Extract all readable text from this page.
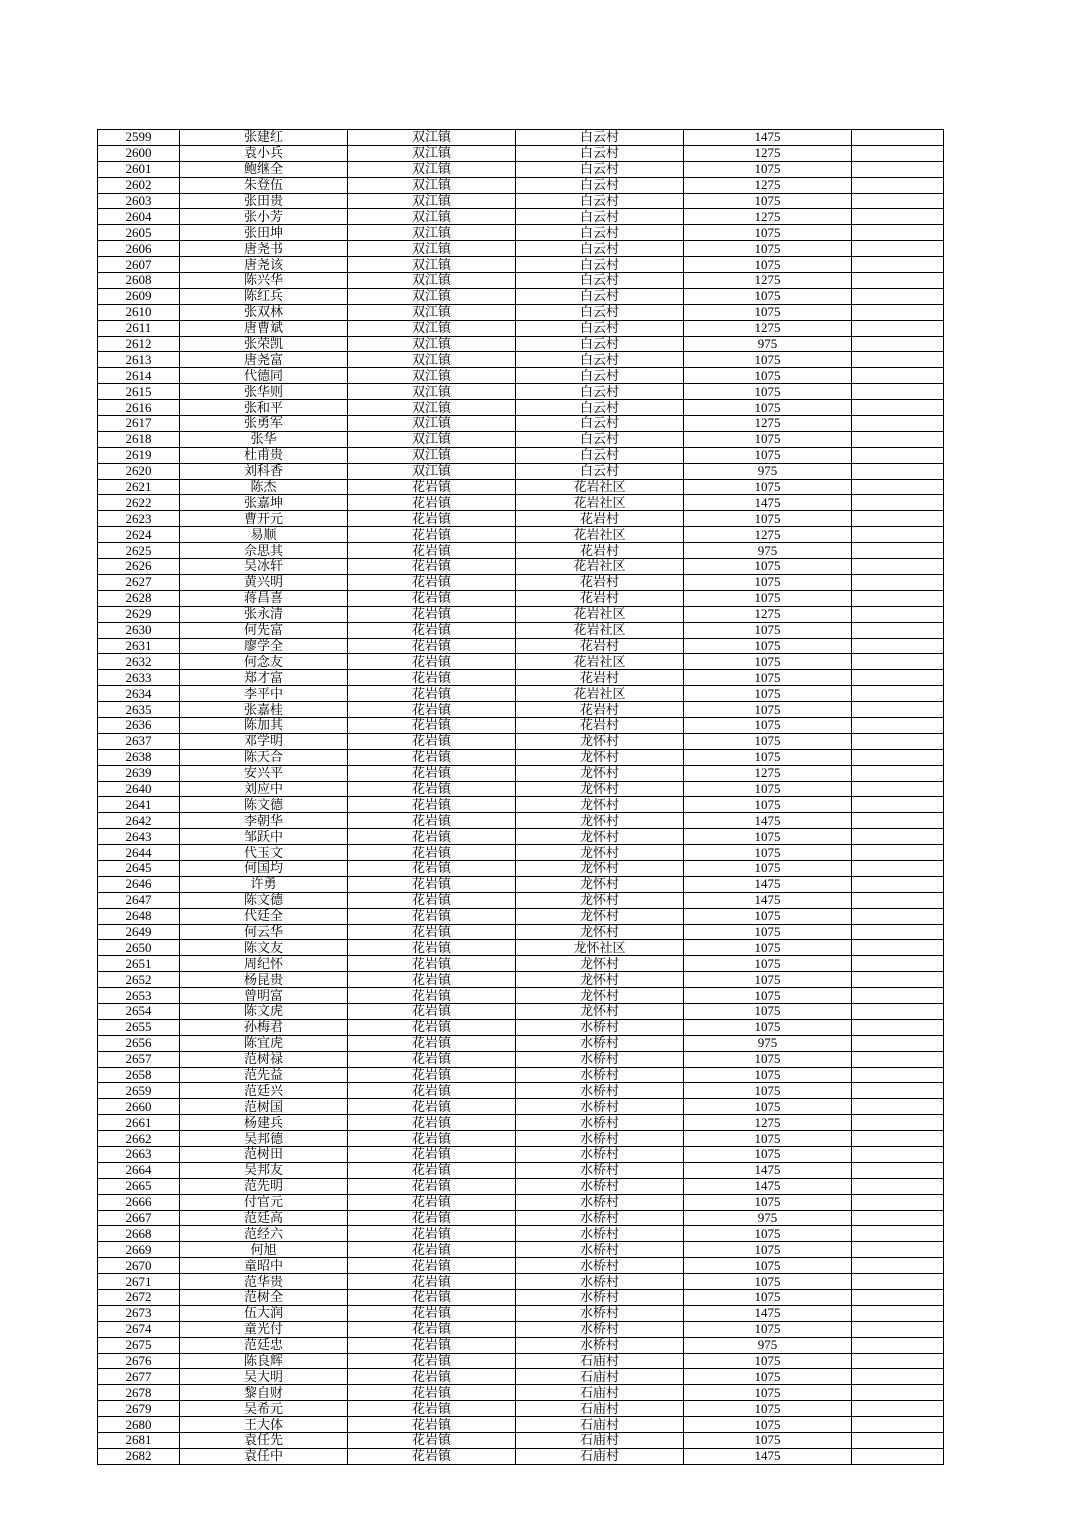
2599	张建红	双江镇	白云村	1475	
2600	袁小兵	双江镇	白云村	1275	
2601	鲍继全	双江镇	白云村	1075	
2602	朱登伍	双江镇	白云村	1275	
2603	张田贵	双江镇	白云村	1075	
2604	张小芳	双江镇	白云村	1275	
2605	张田坤	双江镇	白云村	1075	
2606	唐尧书	双江镇	白云村	1075	
2607	唐尧该	双江镇	白云村	1075	
2608	陈兴华	双江镇	白云村	1275	
2609	陈红兵	双江镇	白云村	1075	
2610	张双林	双江镇	白云村	1075	
2611	唐曹斌	双江镇	白云村	1275	
2612	张荣凯	双江镇	白云村	975	
2613	唐尧富	双江镇	白云村	1075	
2614	代德同	双江镇	白云村	1075	
2615	张华则	双江镇	白云村	1075	
2616	张和平	双江镇	白云村	1075	
2617	张勇军	双江镇	白云村	1275	
2618	张华	双江镇	白云村	1075	
2619	杜甫贵	双江镇	白云村	1075	
2620	刘科香	双江镇	白云村	975	
2621	陈杰	花岩镇	花岩社区	1075	
2622	张嘉坤	花岩镇	花岩社区	1475	
2623	曹开元	花岩镇	花岩村	1075	
2624	易顺	花岩镇	花岩社区	1275	
2625	佘思其	花岩镇	花岩村	975	
2626	吴冰轩	花岩镇	花岩社区	1075	
2627	黄兴明	花岩镇	花岩村	1075	
2628	蒋昌喜	花岩镇	花岩村	1075	
2629	张永清	花岩镇	花岩社区	1275	
2630	何先富	花岩镇	花岩社区	1075	
2631	廖学全	花岩镇	花岩村	1075	
2632	何念友	花岩镇	花岩社区	1075	
2633	郑才富	花岩镇	花岩村	1075	
2634	李平中	花岩镇	花岩社区	1075	
2635	张嘉桂	花岩镇	花岩村	1075	
2636	陈加其	花岩镇	花岩村	1075	
2637	邓学明	花岩镇	龙怀村	1075	
2638	陈天合	花岩镇	龙怀村	1075	
2639	安兴平	花岩镇	龙怀村	1275	
2640	刘应中	花岩镇	龙怀村	1075	
2641	陈文德	花岩镇	龙怀村	1075	
2642	李朝华	花岩镇	龙怀村	1475	
2643	邹跃中	花岩镇	龙怀村	1075	
2644	代玉文	花岩镇	龙怀村	1075	
2645	何国均	花岩镇	龙怀村	1075	
2646	许勇	花岩镇	龙怀村	1475	
2647	陈文德	花岩镇	龙怀村	1475	
2648	代廷全	花岩镇	龙怀村	1075	
2649	何云华	花岩镇	龙怀村	1075	
2650	陈文友	花岩镇	龙怀社区	1075	
2651	周纪怀	花岩镇	龙怀村	1075	
2652	杨昆贵	花岩镇	龙怀村	1075	
2653	曾明富	花岩镇	龙怀村	1075	
2654	陈文虎	花岩镇	龙怀村	1075	
2655	孙梅君	花岩镇	水桥村	1075	
2656	陈宜虎	花岩镇	水桥村	975	
2657	范树禄	花岩镇	水桥村	1075	
2658	范先益	花岩镇	水桥村	1075	
2659	范廷兴	花岩镇	水桥村	1075	
2660	范树国	花岩镇	水桥村	1075	
2661	杨建兵	花岩镇	水桥村	1275	
2662	吴邦德	花岩镇	水桥村	1075	
2663	范树田	花岩镇	水桥村	1075	
2664	吴邦友	花岩镇	水桥村	1475	
2665	范先明	花岩镇	水桥村	1475	
2666	付官元	花岩镇	水桥村	1075	
2667	范廷高	花岩镇	水桥村	975	
2668	范经六	花岩镇	水桥村	1075	
2669	何旭	花岩镇	水桥村	1075	
2670	童昭中	花岩镇	水桥村	1075	
2671	范华贵	花岩镇	水桥村	1075	
2672	范树全	花岩镇	水桥村	1075	
2673	伍大润	花岩镇	水桥村	1475	
2674	童光付	花岩镇	水桥村	1075	
2675	范廷忠	花岩镇	水桥村	975	
2676	陈良辉	花岩镇	石庙村	1075	
2677	吴大明	花岩镇	石庙村	1075	
2678	黎自财	花岩镇	石庙村	1075	
2679	吴希元	花岩镇	石庙村	1075	
2680	王大体	花岩镇	石庙村	1075	
2681	袁任先	花岩镇	石庙村	1075	
2682	袁任中	花岩镇	石庙村	1475	
